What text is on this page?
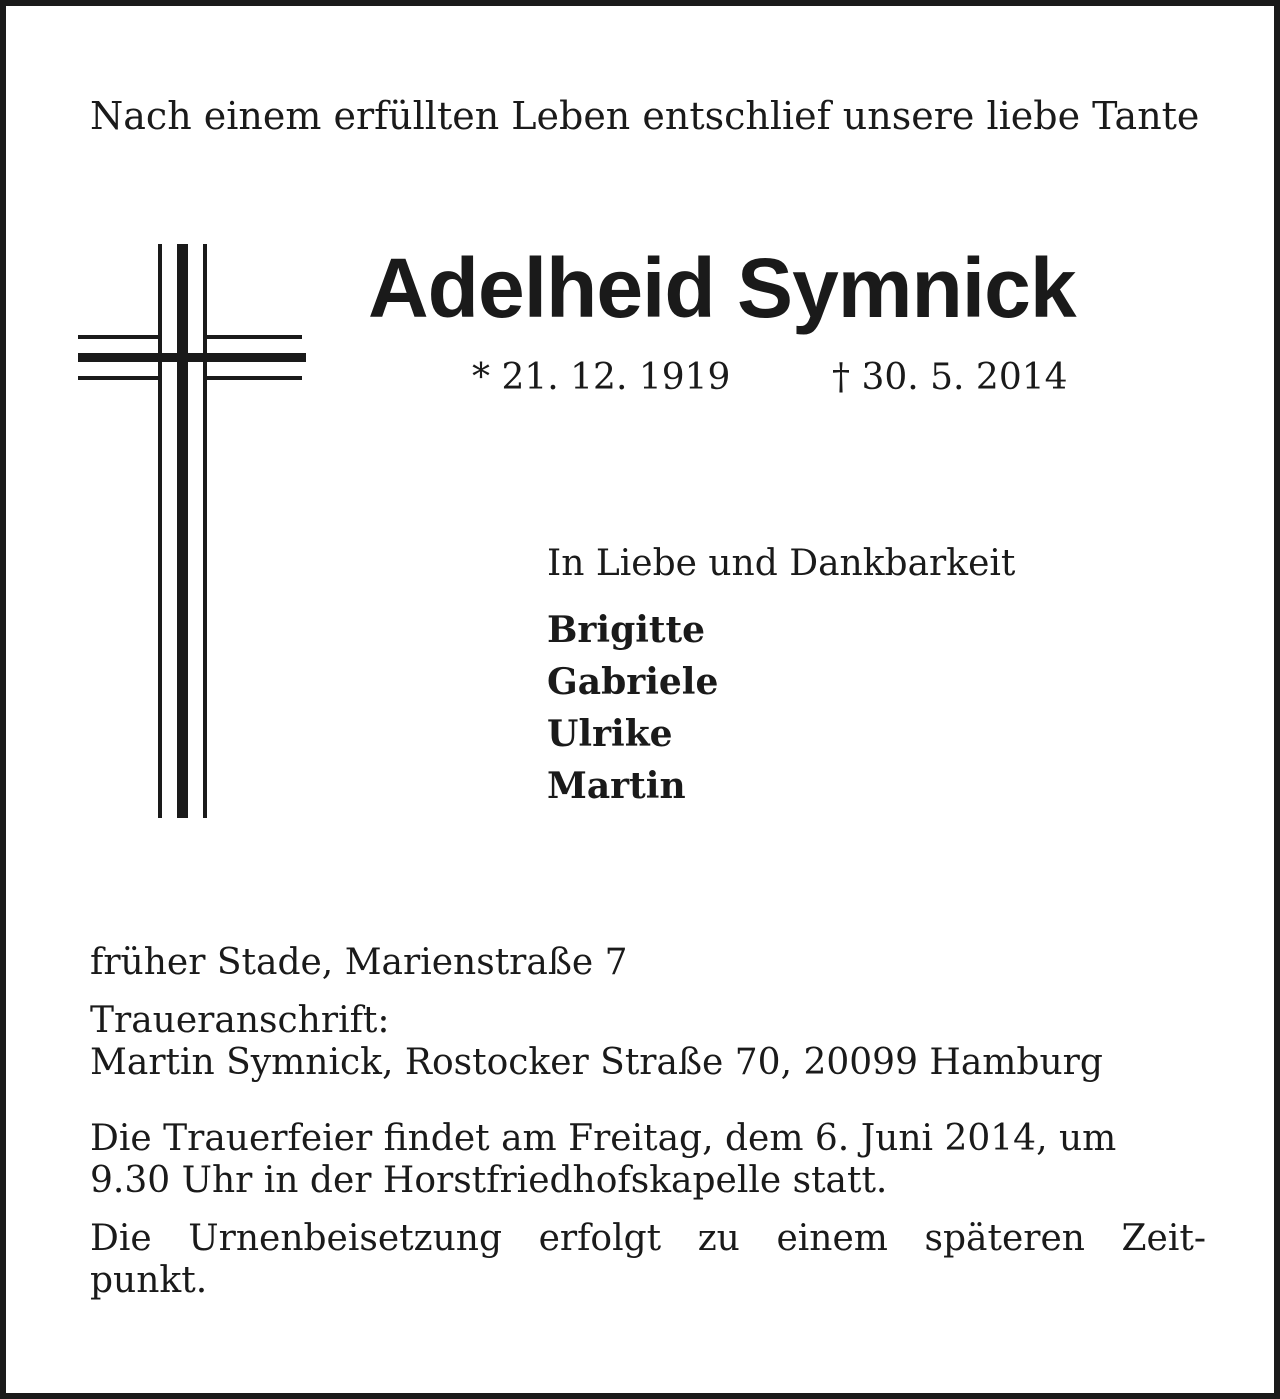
Nach einem erfüllten Leben entschlief unsere liebe Tante
Adelheid Symnick
* 21. 12. 1919	† 30. 5. 2014
In Liebe und Dankbarkeit
Brigitte
Gabriele
Ulrike
Martin
früher Stade, Marienstraße 7
Traueranschrift:
Martin Symnick, Rostocker Straße 70, 20099 Hamburg
Die Trauerfeier findet am Freitag, dem 6. Juni 2014, um
9.30 Uhr in der Horstfriedhofskapelle statt.
Die Urnenbeisetzung erfolgt zu einem späteren Zeit-
punkt.
